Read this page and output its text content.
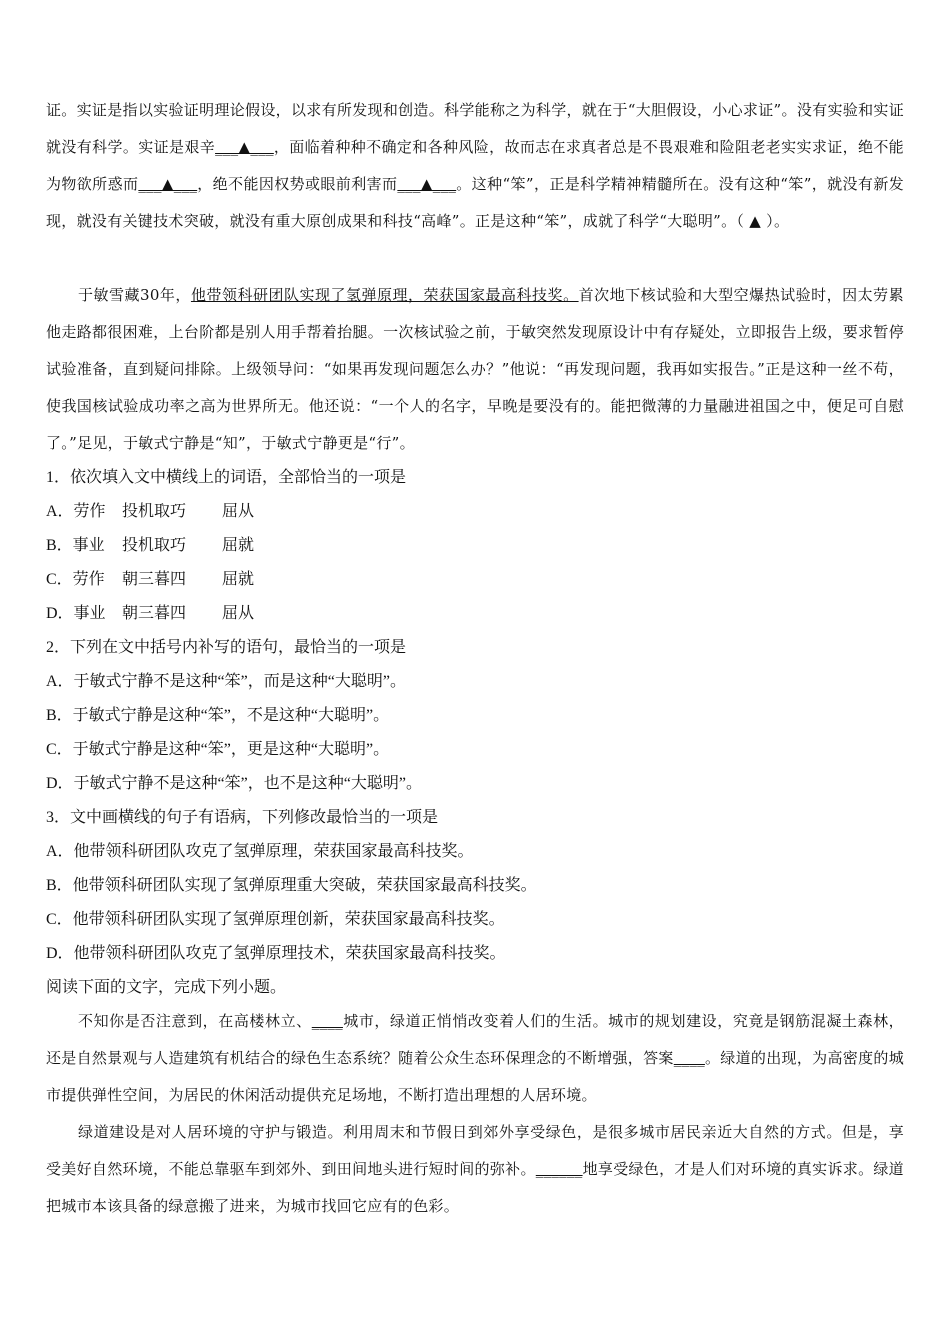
证。实证是指以实验证明理论假设，以求有所发现和创造。科学能称之为科学，就在于“大胆假设，小心求证”。没有实验和实证就没有科学。实证是艰辛___▲___，面临着种种不确定和各种风险，故而志在求真者总是不畏艰难和险阻老老实实求证，绝不能为物欲所惑而___▲___，绝不能因权势或眼前利害而___▲___。这种“笨”，正是科学精神精髓所在。没有这种“笨”，就没有新发现，就没有关键技术突破，就没有重大原创成果和科技“高峰”。正是这种“笨”，成就了科学“大聪明”。（ ▲ ）。
于敏雪藏30年，他带领科研团队实现了氢弹原理，荣获国家最高科技奖。首次地下核试验和大型空爆热试验时，因太劳累他走路都很困难，上台阶都是别人用手帮着抬腿。一次核试验之前，于敏突然发现原设计中有存疑处，立即报告上级，要求暂停试验准备，直到疑问排除。上级领导问：“如果再发现问题怎么办？”他说：“再发现问题，我再如实报告。”正是这种一丝不苟，使我国核试验成功率之高为世界所无。他还说：“一个人的名字，早晚是要没有的。能把微薄的力量融进祖国之中，便足可自慰了。”足见，于敏式宁静是“知”，于敏式宁静更是“行”。
1．依次填入文中横线上的词语，全部恰当的一项是
A．劳作 投机取巧 屈从
B．事业 投机取巧 屈就
C．劳作 朝三暮四 屈就
D．事业 朝三暮四 屈从
2．下列在文中括号内补写的语句，最恰当的一项是
A．于敏式宁静不是这种“笨”，而是这种“大聪明”。
B．于敏式宁静是这种“笨”，不是这种“大聪明”。
C．于敏式宁静是这种“笨”，更是这种“大聪明”。
D．于敏式宁静不是这种“笨”，也不是这种“大聪明”。
3．文中画横线的句子有语病，下列修改最恰当的一项是
A．他带领科研团队攻克了氢弹原理，荣获国家最高科技奖。
B．他带领科研团队实现了氢弹原理重大突破，荣获国家最高科技奖。
C．他带领科研团队实现了氢弹原理创新，荣获国家最高科技奖。
D．他带领科研团队攻克了氢弹原理技术，荣获国家最高科技奖。
阅读下面的文字，完成下列小题。
不知你是否注意到，在高楼林立、____城市，绿道正悄悄改变着人们的生活。城市的规划建设，究竟是钢筋混凝土森林，还是自然景观与人造建筑有机结合的绿色生态系统？随着公众生态环保理念的不断增强，答案____。绿道的出现，为高密度的城市提供弹性空间，为居民的休闲活动提供充足场地，不断打造出理想的人居环境。
绿道建设是对人居环境的守护与锻造。利用周末和节假日到郊外享受绿色，是很多城市居民亲近大自然的方式。但是，享受美好自然环境，不能总靠驱车到郊外、到田间地头进行短时间的弥补。______地享受绿色，才是人们对环境的真实诉求。绿道把城市本该具备的绿意搬了进来，为城市找回它应有的色彩。
